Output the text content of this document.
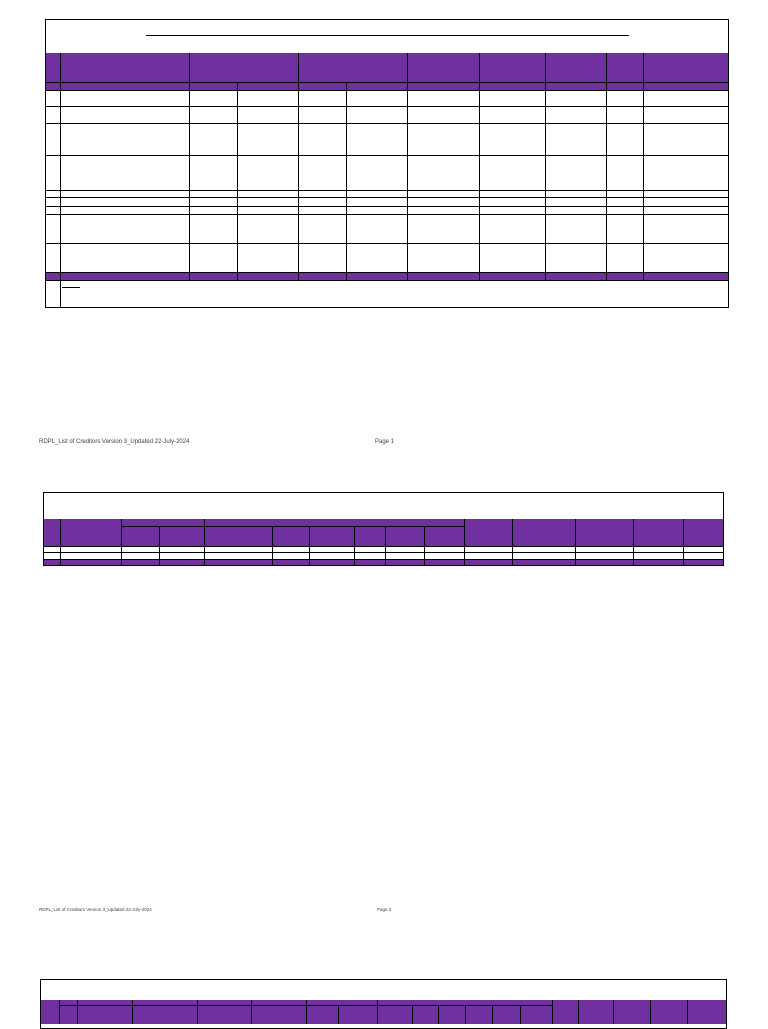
RDPL_List of Creditors Version 3_Updated 22-July-2024	Page 1
RDPL_List of Creditors Version 3_Updated 22-July-2024	Page 2
